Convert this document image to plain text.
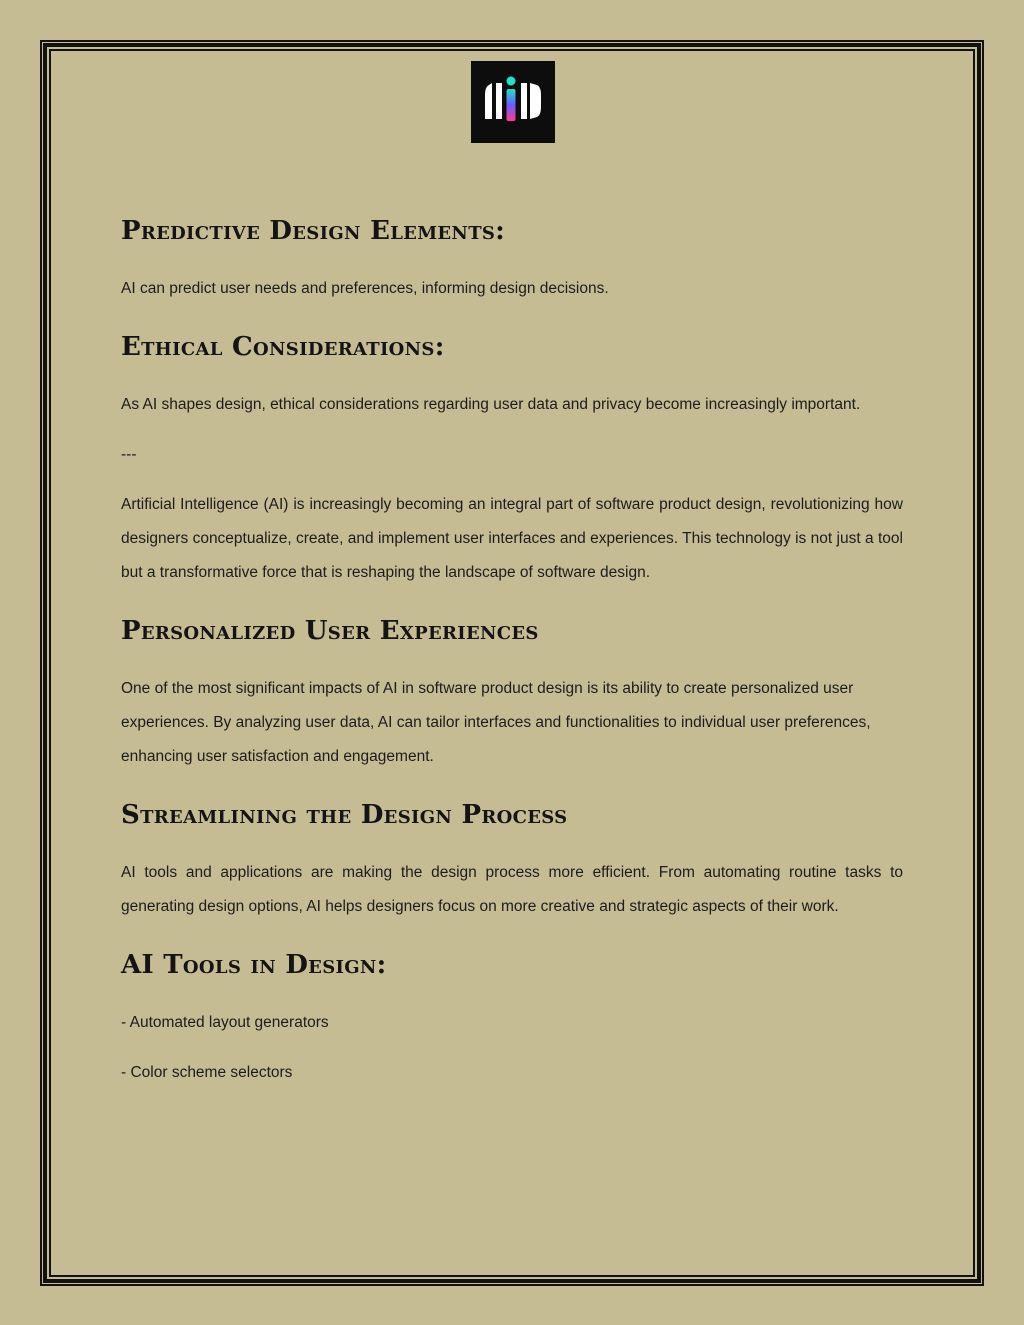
Predictive Design Elements:

AI can predict user needs and preferences, informing design decisions.

Ethical Considerations:

As AI shapes design, ethical considerations regarding user data and privacy become increasingly important.

---

Artificial Intelligence (AI) is increasingly becoming an integral part of software product design, revolutionizing how designers conceptualize, create, and implement user interfaces and experiences. This technology is not just a tool but a transformative force that is reshaping the landscape of software design.

Personalized User Experiences

One of the most significant impacts of AI in software product design is its ability to create personalized user experiences. By analyzing user data, AI can tailor interfaces and functionalities to individual user preferences, enhancing user satisfaction and engagement.

Streamlining the Design Process

AI tools and applications are making the design process more efficient. From automating routine tasks to generating design options, AI helps designers focus on more creative and strategic aspects of their work.

AI Tools in Design:

- Automated layout generators

- Color scheme selectors
